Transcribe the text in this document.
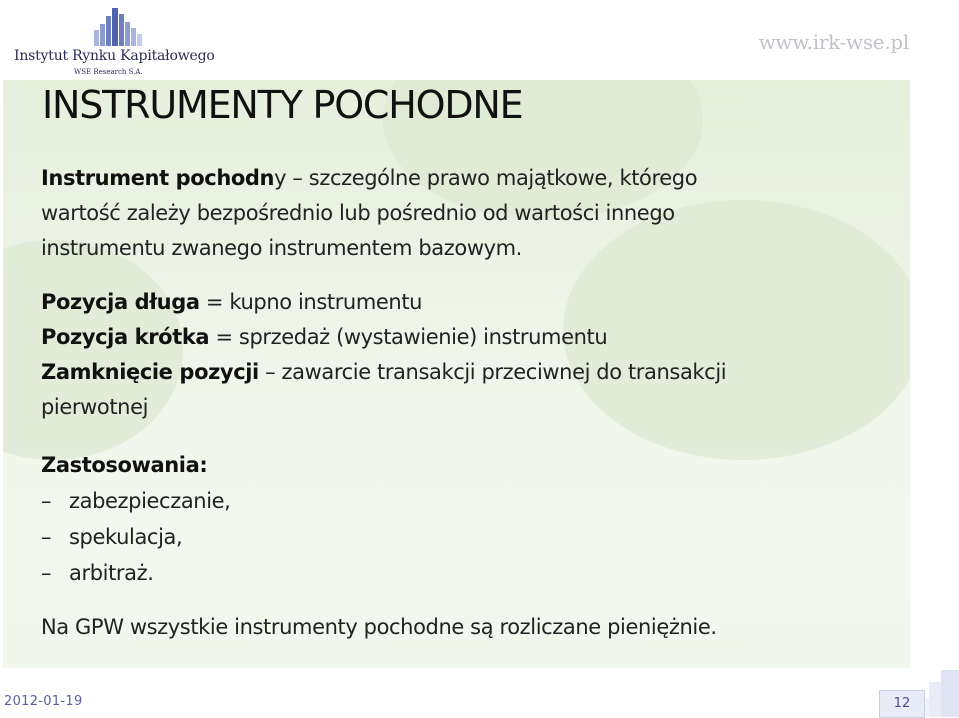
Instytut Rynku Kapitałowego
WSE Research S.A.
www.irk-wse.pl
INSTRUMENTY POCHODNE

Instrument pochodny – szczególne prawo majątkowe, którego
wartość zależy bezpośrednio lub pośrednio od wartości innego
instrumentu zwanego instrumentem bazowym.

Pozycja długa = kupno instrumentu
Pozycja krótka = sprzedaż (wystawienie) instrumentu
Zamknięcie pozycji – zawarcie transakcji przeciwnej do transakcji
pierwotnej

Zastosowania:

– zabezpieczanie,
– spekulacja,
– arbitraż.

Na GPW wszystkie instrumenty pochodne są rozliczane pieniężnie.

2012-01-19	12
